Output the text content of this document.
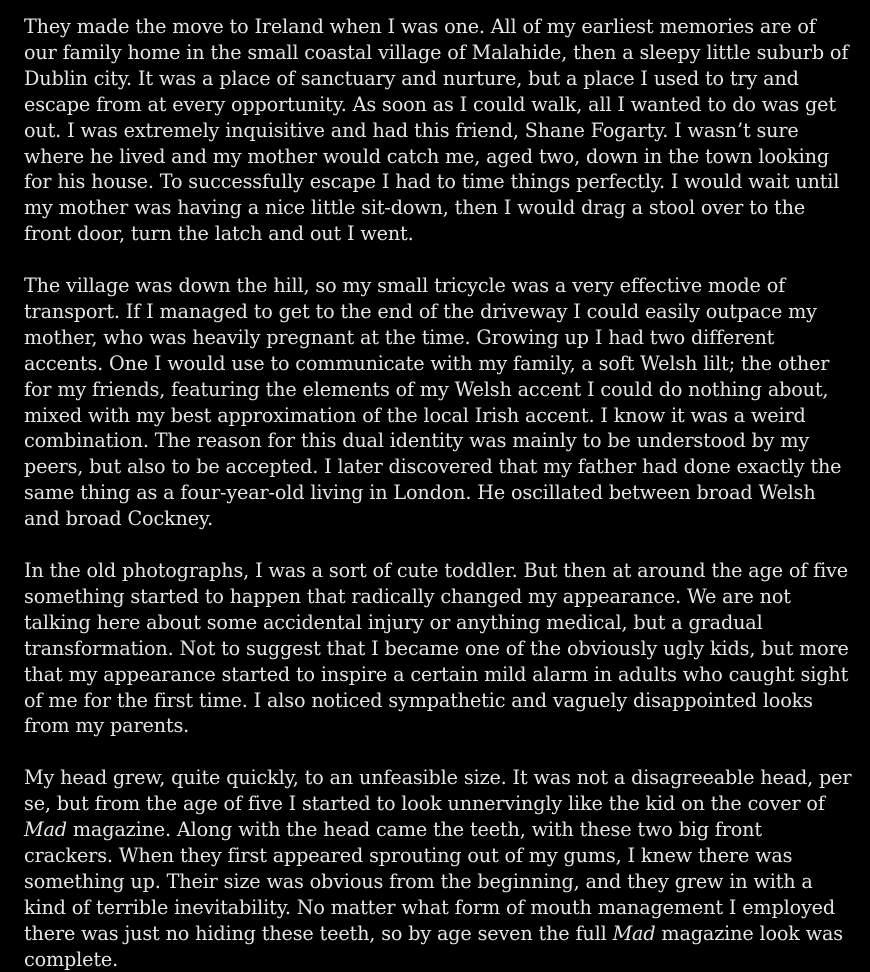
They made the move to Ireland when I was one. All of my earliest memories are of our family home in the small coastal village of Malahide, then a sleepy little suburb of Dublin city. It was a place of sanctuary and nurture, but a place I used to try and escape from at every opportunity. As soon as I could walk, all I wanted to do was get out. I was extremely inquisitive and had this friend, Shane Fogarty. I wasn’t sure where he lived and my mother would catch me, aged two, down in the town looking for his house. To successfully escape I had to time things perfectly. I would wait until my mother was having a nice little sit-down, then I would drag a stool over to the front door, turn the latch and out I went.

The village was down the hill, so my small tricycle was a very effective mode of transport. If I managed to get to the end of the driveway I could easily outpace my mother, who was heavily pregnant at the time. Growing up I had two different accents. One I would use to communicate with my family, a soft Welsh lilt; the other for my friends, featuring the elements of my Welsh accent I could do nothing about, mixed with my best approximation of the local Irish accent. I know it was a weird combination. The reason for this dual identity was mainly to be understood by my peers, but also to be accepted. I later discovered that my father had done exactly the same thing as a four-year-old living in London. He oscillated between broad Welsh and broad Cockney.

In the old photographs, I was a sort of cute toddler. But then at around the age of five something started to happen that radically changed my appearance. We are not talking here about some accidental injury or anything medical, but a gradual transformation. Not to suggest that I became one of the obviously ugly kids, but more that my appearance started to inspire a certain mild alarm in adults who caught sight of me for the first time. I also noticed sympathetic and vaguely disappointed looks from my parents.

My head grew, quite quickly, to an unfeasible size. It was not a disagreeable head, per se, but from the age of five I started to look unnervingly like the kid on the cover of Mad magazine. Along with the head came the teeth, with these two big front crackers. When they first appeared sprouting out of my gums, I knew there was something up. Their size was obvious from the beginning, and they grew in with a kind of terrible inevitability. No matter what form of mouth management I employed there was just no hiding these teeth, so by age seven the full Mad magazine look was complete.
